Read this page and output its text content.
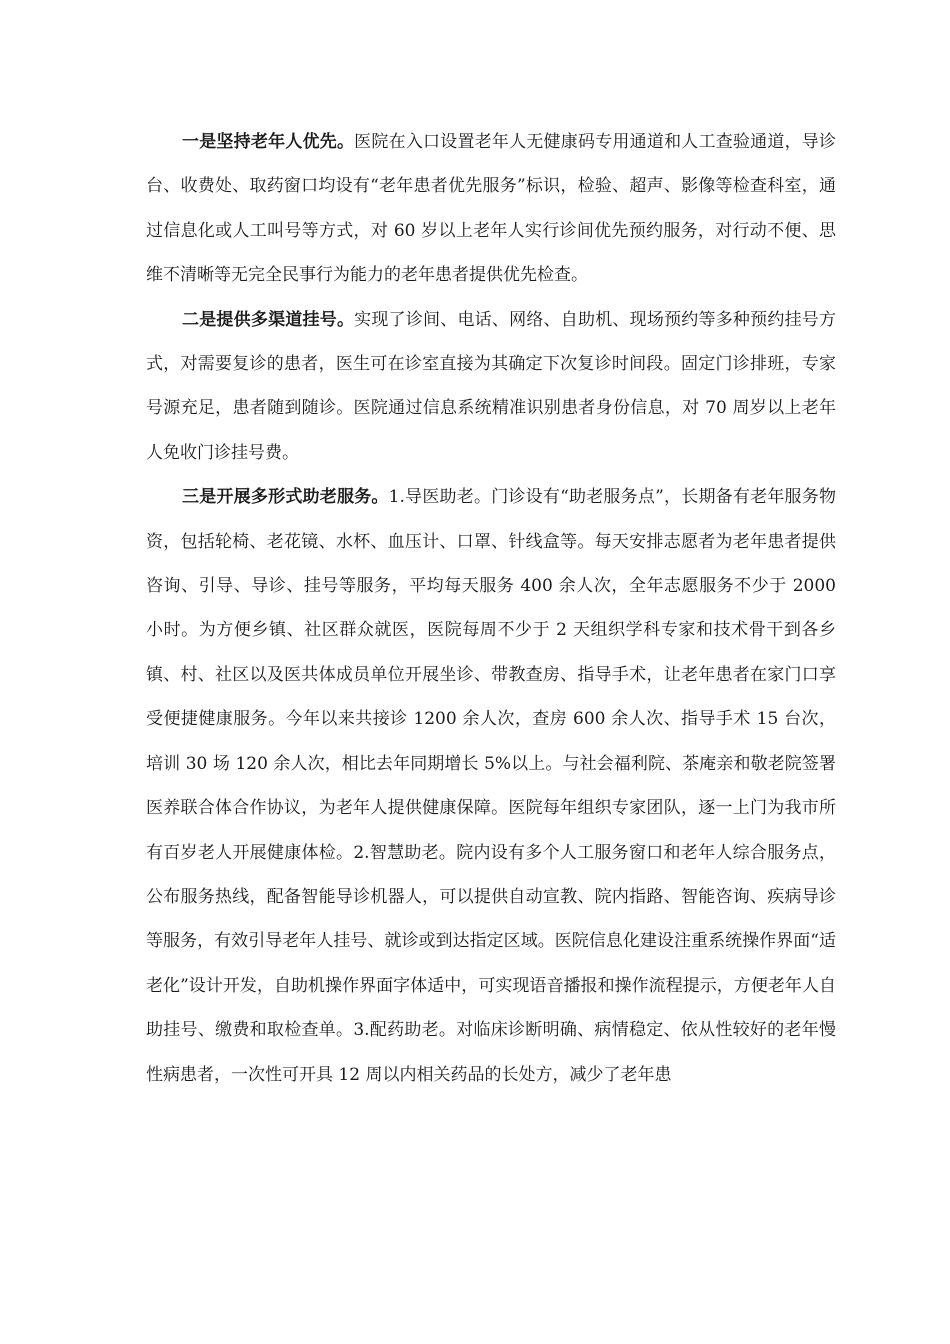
一是坚持老年人优先。医院在入口设置老年人无健康码专用通道和人工查验通道，导诊台、收费处、取药窗口均设有“老年患者优先服务”标识，检验、超声、影像等检查科室，通过信息化或人工叫号等方式，对 60 岁以上老年人实行诊间优先预约服务，对行动不便、思维不清晰等无完全民事行为能力的老年患者提供优先检查。

二是提供多渠道挂号。实现了诊间、电话、网络、自助机、现场预约等多种预约挂号方式，对需要复诊的患者，医生可在诊室直接为其确定下次复诊时间段。固定门诊排班，专家号源充足，患者随到随诊。医院通过信息系统精准识别患者身份信息，对 70 周岁以上老年人免收门诊挂号费。

三是开展多形式助老服务。1.导医助老。门诊设有“助老服务点”，长期备有老年服务物资，包括轮椅、老花镜、水杯、血压计、口罩、针线盒等。每天安排志愿者为老年患者提供咨询、引导、导诊、挂号等服务，平均每天服务 400 余人次，全年志愿服务不少于 2000 小时。为方便乡镇、社区群众就医，医院每周不少于 2 天组织学科专家和技术骨干到各乡镇、村、社区以及医共体成员单位开展坐诊、带教查房、指导手术，让老年患者在家门口享受便捷健康服务。今年以来共接诊 1200 余人次，查房 600 余人次、指导手术 15 台次，培训 30 场 120 余人次，相比去年同期增长 5%以上。与社会福利院、茶庵亲和敬老院签署医养联合体合作协议，为老年人提供健康保障。医院每年组织专家团队，逐一上门为我市所有百岁老人开展健康体检。2.智慧助老。院内设有多个人工服务窗口和老年人综合服务点，公布服务热线，配备智能导诊机器人，可以提供自动宣教、院内指路、智能咨询、疾病导诊等服务，有效引导老年人挂号、就诊或到达指定区域。医院信息化建设注重系统操作界面“适老化”设计开发，自助机操作界面字体适中，可实现语音播报和操作流程提示，方便老年人自助挂号、缴费和取检查单。3.配药助老。对临床诊断明确、病情稳定、依从性较好的老年慢性病患者，一次性可开具 12 周以内相关药品的长处方，减少了老年患
